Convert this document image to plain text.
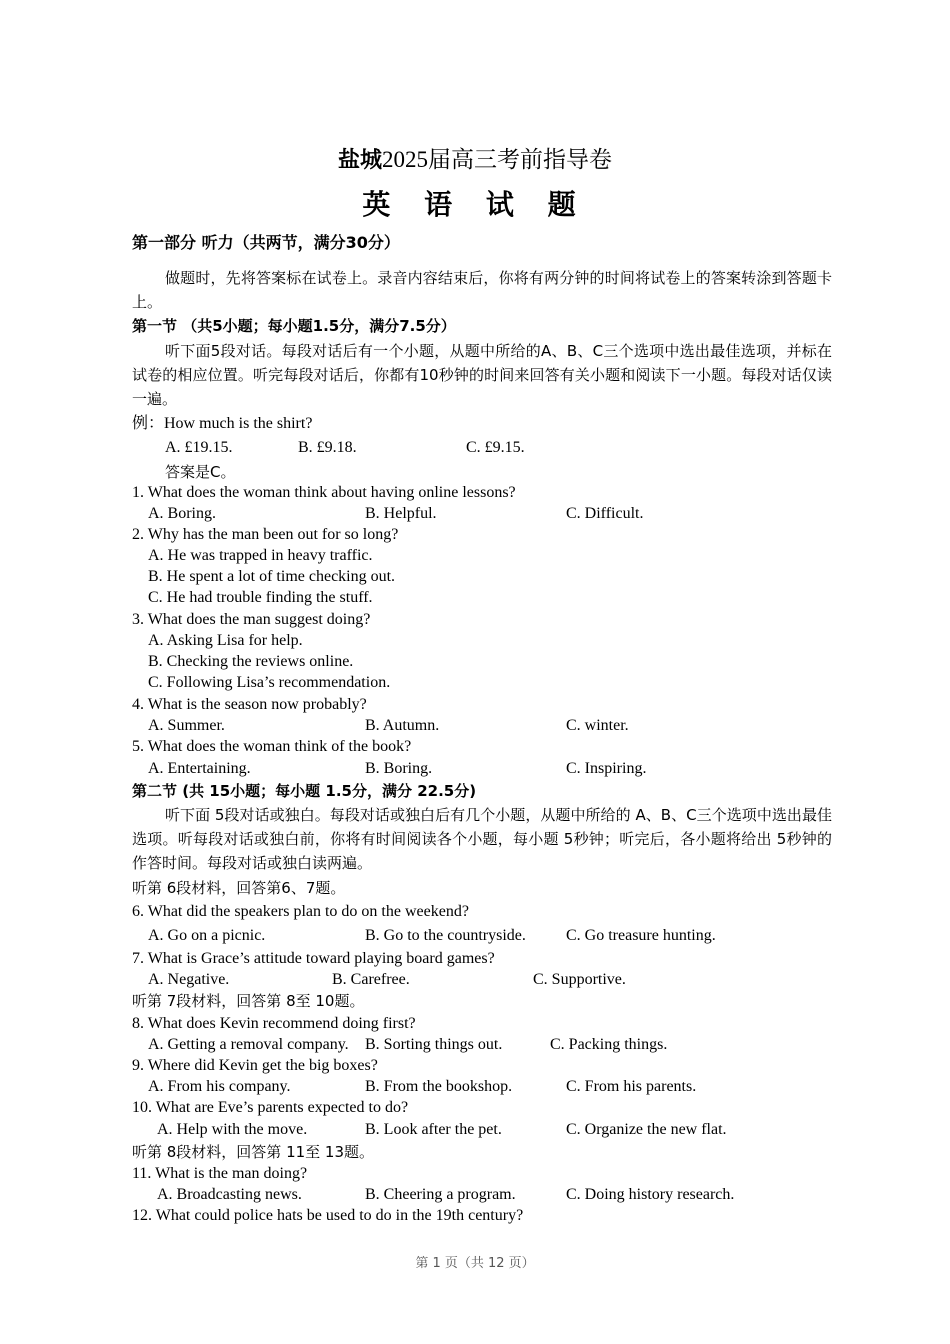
盐城2025届高三考前指导卷
英 语 试 题
第一部分 听力（共两节，满分30分）
做题时，先将答案标在试卷上。录音内容结束后，你将有两分钟的时间将试卷上的答案转涂到答题卡上。
第一节 （共5小题；每小题1.5分，满分7.5分）
听下面5段对话。每段对话后有一个小题，从题中所给的A、B、C三个选项中选出最佳选项，并标在试卷的相应位置。听完每段对话后，你都有10秒钟的时间来回答有关小题和阅读下一小题。每段对话仅读一遍。
例：How much is the shirt?
A. £19.15.	B. £9.18.	C. £9.15.
答案是C。
1. What does the woman think about having online lessons?
A. Boring.	B. Helpful.	C. Difficult.
2. Why has the man been out for so long?
A. He was trapped in heavy traffic.
B. He spent a lot of time checking out.
C. He had trouble finding the stuff.
3. What does the man suggest doing?
A. Asking Lisa for help.
B. Checking the reviews online.
C. Following Lisa’s recommendation.
4. What is the season now probably?
A. Summer.	B. Autumn.	C. winter.
5. What does the woman think of the book?
A. Entertaining.	B. Boring.	C. Inspiring.
第二节 (共 15小题；每小题 1.5分，满分 22.5分)
听下面 5段对话或独白。每段对话或独白后有几个小题，从题中所给的 A、B、C三个选项中选出最佳选项。听每段对话或独白前，你将有时间阅读各个小题，每小题 5秒钟；听完后，各小题将给出 5秒钟的作答时间。每段对话或独白读两遍。
听第 6段材料，回答第6、7题。
6. What did the speakers plan to do on the weekend?
A. Go on a picnic.	B. Go to the countryside.	C. Go treasure hunting.
7. What is Grace’s attitude toward playing board games?
A. Negative.	B. Carefree.	C. Supportive.
听第 7段材料，回答第 8至 10题。
8. What does Kevin recommend doing first?
A. Getting a removal company. B. Sorting things out.	C. Packing things.
9. Where did Kevin get the big boxes?
A. From his company.	B. From the bookshop.	C. From his parents.
10. What are Eve’s parents expected to do?
A. Help with the move.	B. Look after the pet.	C. Organize the new flat.
听第 8段材料，回答第 11至 13题。
11. What is the man doing?
A. Broadcasting news.	B. Cheering a program.	C. Doing history research.
12. What could police hats be used to do in the 19th century?
第 1 页（共 12 页）
